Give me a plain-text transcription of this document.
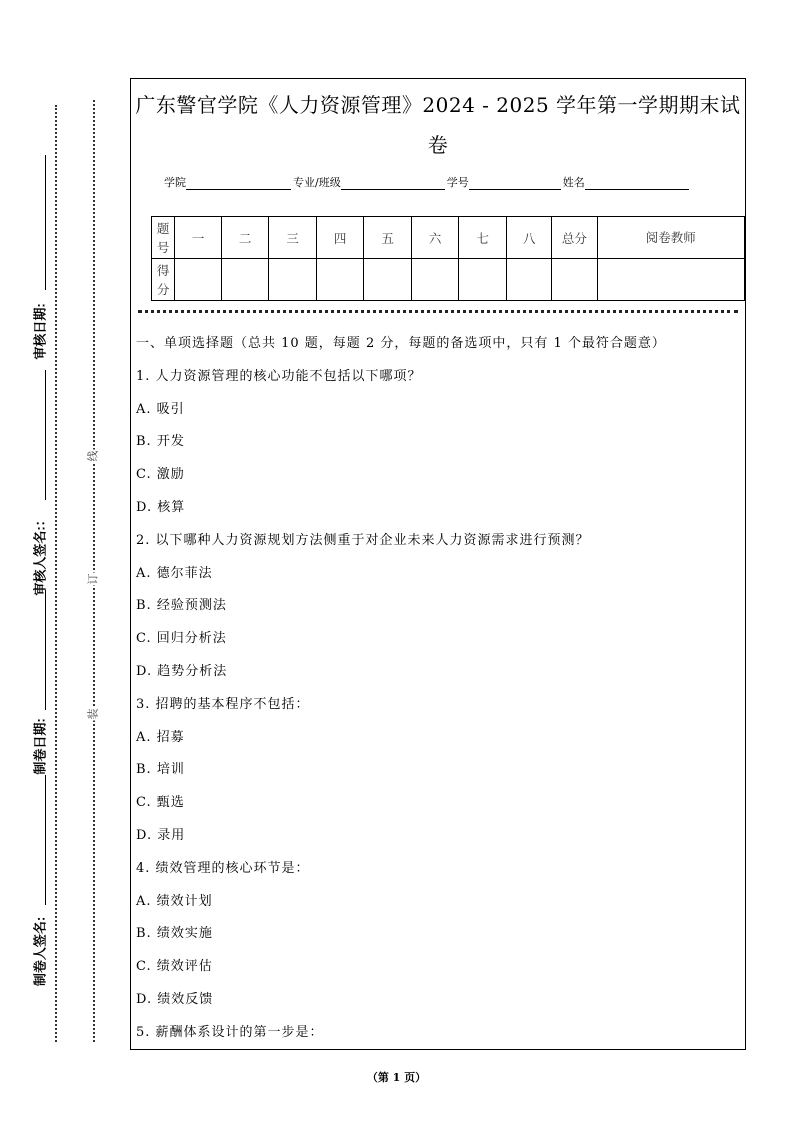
审核日期:
审核人签名:：
制卷日期:
制卷人签名:
线
订
装
广东警官学院《人力资源管理》2024 - 2025 学年第一学期期末试
卷
学院	专业/班级	学号	姓名
题号	一	二	三	四	五	六	七	八	总分	阅卷教师
得分										
一、单项选择题（总共 10 题，每题 2 分，每题的备选项中，只有 1 个最符合题意）
1. 人力资源管理的核心功能不包括以下哪项？
A. 吸引
B. 开发
C. 激励
D. 核算
2. 以下哪种人力资源规划方法侧重于对企业未来人力资源需求进行预测？
A. 德尔菲法
B. 经验预测法
C. 回归分析法
D. 趋势分析法
3. 招聘的基本程序不包括：
A. 招募
B. 培训
C. 甄选
D. 录用
4. 绩效管理的核心环节是：
A. 绩效计划
B. 绩效实施
C. 绩效评估
D. 绩效反馈
5. 薪酬体系设计的第一步是：
（第 1 页）
